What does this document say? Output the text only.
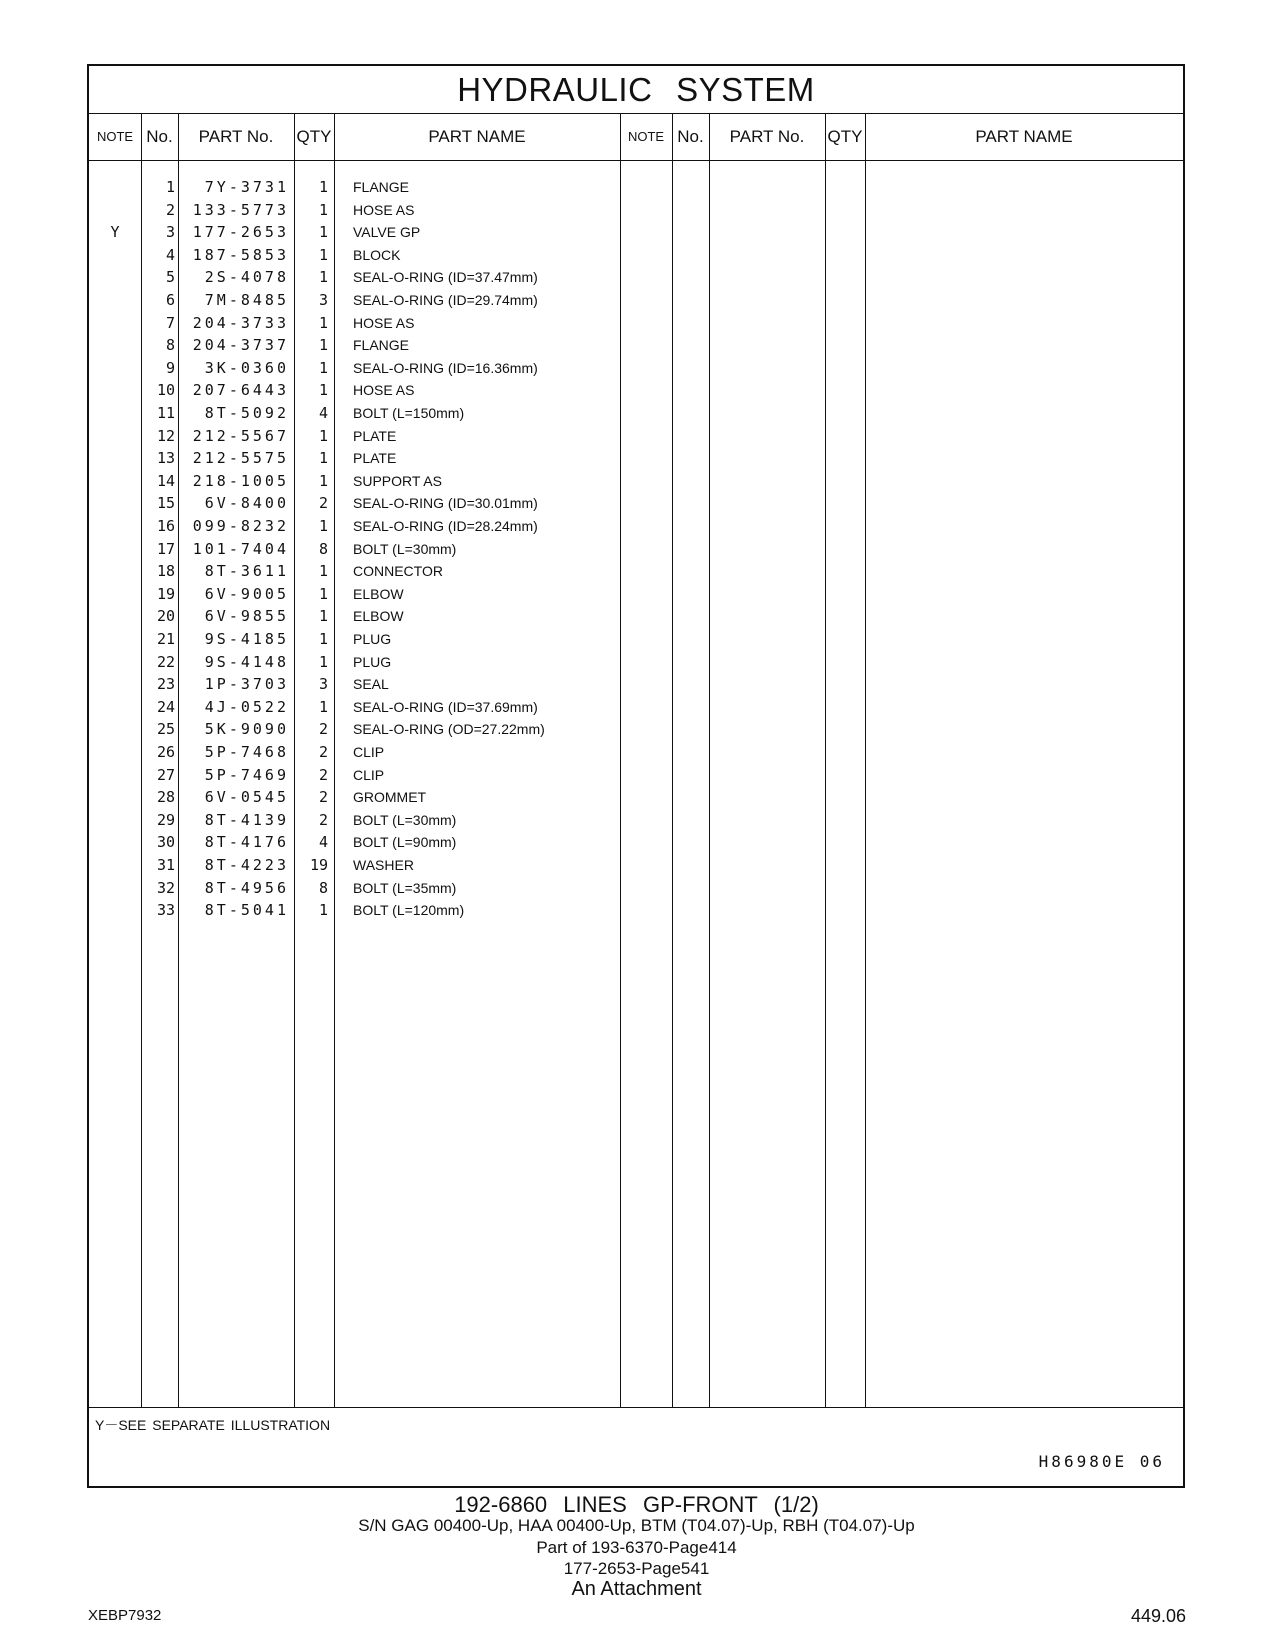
HYDRAULIC SYSTEM
NOTE No.	PART No.	QTY	PART NAME	NOTE No.	PART No.	QTY	PART NAME
1	7Y-3731	1 FLANGE
2	133-5773	1 HOSE AS
Y	3	177-2653	1 VALVE GP
4	187-5853	1 BLOCK
5	2S-4078	1 SEAL-O-RING (ID=37.47mm)
6	7M-8485	3 SEAL-O-RING (ID=29.74mm)
7	204-3733	1 HOSE AS
8	204-3737	1 FLANGE
9	3K-0360	1 SEAL-O-RING (ID=16.36mm)
10	207-6443	1 HOSE AS
11	8T-5092	4 BOLT (L=150mm)
12	212-5567	1 PLATE
13	212-5575	1 PLATE
14	218-1005	1 SUPPORT AS
15	6V-8400	2 SEAL-O-RING (ID=30.01mm)
16	099-8232	1 SEAL-O-RING (ID=28.24mm)
17	101-7404	8 BOLT (L=30mm)
18	8T-3611	1 CONNECTOR
19	6V-9005	1 ELBOW
20	6V-9855	1 ELBOW
21	9S-4185	1 PLUG
22	9S-4148	1 PLUG
23	1P-3703	3 SEAL
24	4J-0522	1 SEAL-O-RING (ID=37.69mm)
25	5K-9090	2 SEAL-O-RING (OD=27.22mm)
26	5P-7468	2 CLIP
27	5P-7469	2 CLIP
28	6V-0545	2 GROMMET
29	8T-4139	2 BOLT (L=30mm)
30	8T-4176	4 BOLT (L=90mm)
31	8T-4223	19 WASHER
32	8T-4956	8 BOLT (L=35mm)
33	8T-5041	1 BOLT (L=120mm)
Y－SEE SEPARATE ILLUSTRATION
H86980E 06
192-6860 LINES GP-FRONT (1/2)
S/N GAG 00400-Up, HAA 00400-Up, BTM (T04.07)-Up, RBH (T04.07)-Up
Part of 193-6370-Page414
177-2653-Page541
An Attachment
XEBP7932	449.06
